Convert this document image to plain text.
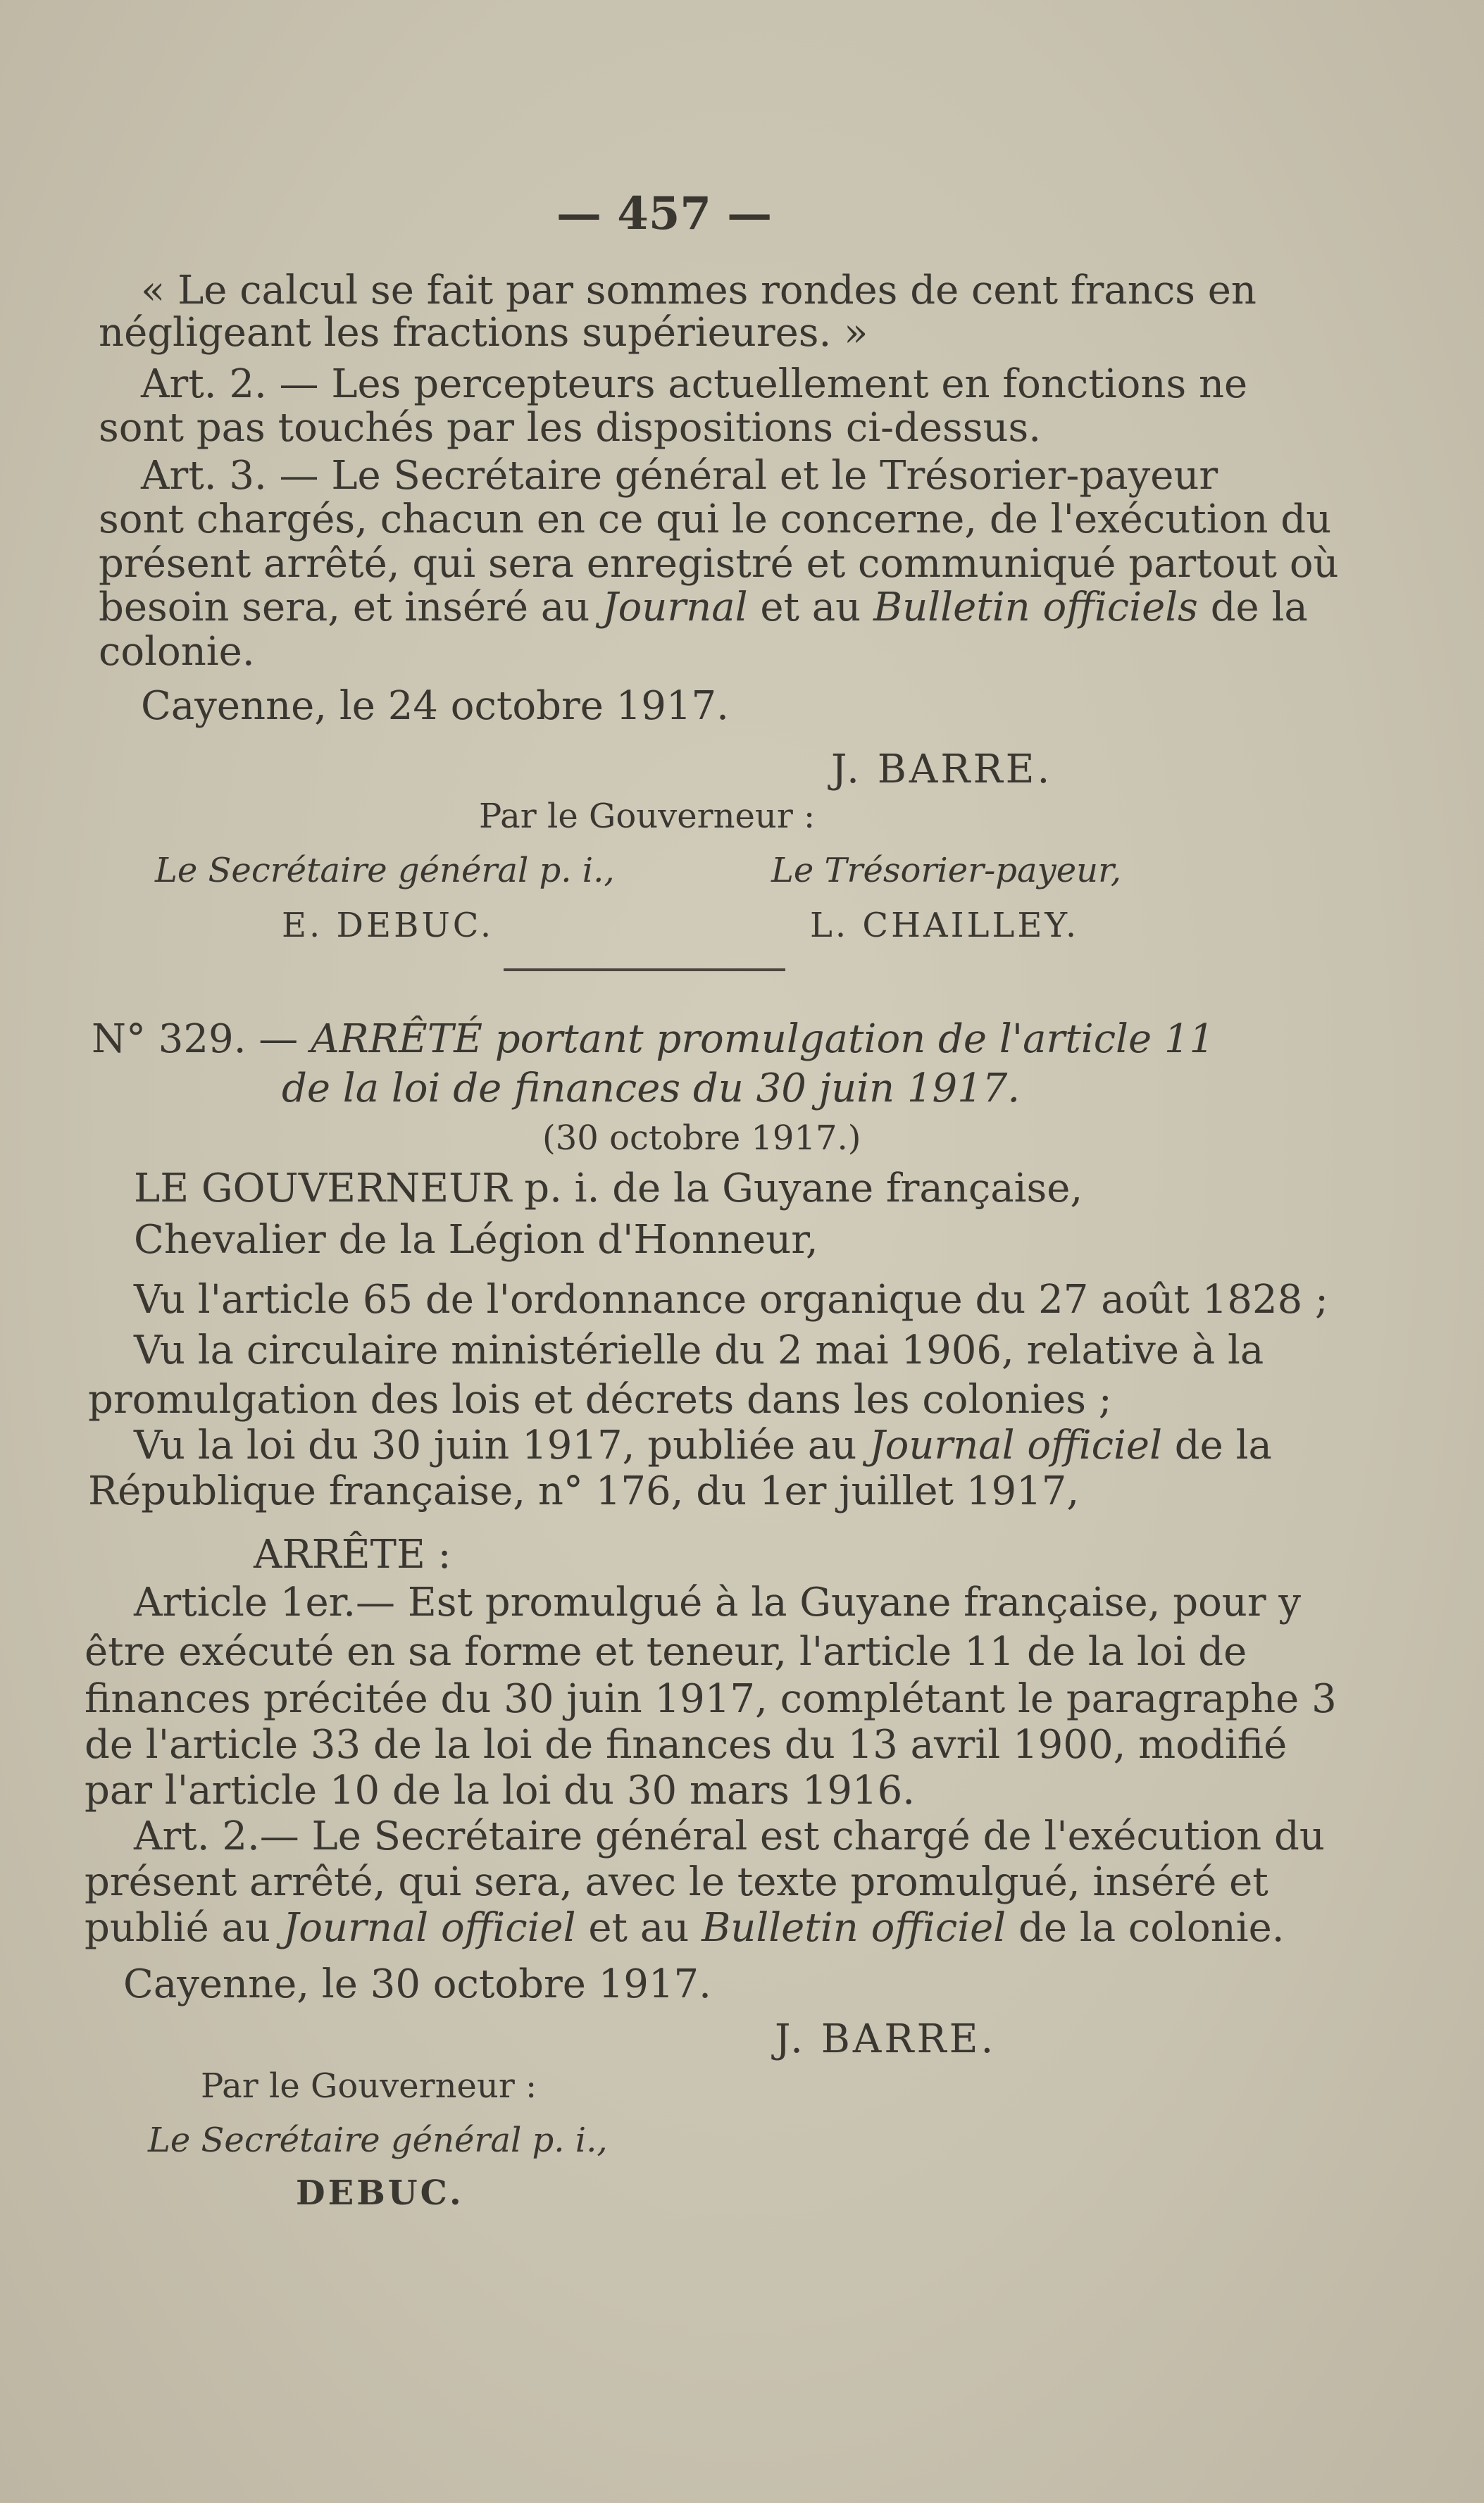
— 457 —
« Le calcul se fait par sommes rondes de cent francs en
négligeant les fractions supérieures. »
Art. 2. — Les percepteurs actuellement en fonctions ne
sont pas touchés par les dispositions ci-dessus.
Art. 3. — Le Secrétaire général et le Trésorier-payeur
sont chargés, chacun en ce qui le concerne, de l'exécution du
présent arrêté, qui sera enregistré et communiqué partout où
besoin sera, et inséré au Journal et au Bulletin officiels de la
colonie.
Cayenne, le 24 octobre 1917.
J. BARRE.
Par le Gouverneur :
Le Secrétaire général p. i.,	Le Trésorier-payeur,
E. DEBUC.	L. CHAILLEY.
N° 329. — ARRÊTÉ portant promulgation de l'article 11
de la loi de finances du 30 juin 1917.
(30 octobre 1917.)
LE GOUVERNEUR p. i. de la Guyane française,
Chevalier de la Légion d'Honneur,
Vu l'article 65 de l'ordonnance organique du 27 août 1828 ;
Vu la circulaire ministérielle du 2 mai 1906, relative à la
promulgation des lois et décrets dans les colonies ;
Vu la loi du 30 juin 1917, publiée au Journal officiel de la
République française, n° 176, du 1er juillet 1917,
ARRÊTE :
Article 1er.— Est promulgué à la Guyane française, pour y
être exécuté en sa forme et teneur, l'article 11 de la loi de
finances précitée du 30 juin 1917, complétant le paragraphe 3
de l'article 33 de la loi de finances du 13 avril 1900, modifié
par l'article 10 de la loi du 30 mars 1916.
Art. 2.— Le Secrétaire général est chargé de l'exécution du
présent arrêté, qui sera, avec le texte promulgué, inséré et
publié au Journal officiel et au Bulletin officiel de la colonie.
Cayenne, le 30 octobre 1917.
J. BARRE.
Par le Gouverneur :
Le Secrétaire général p. i.,
DEBUC.
